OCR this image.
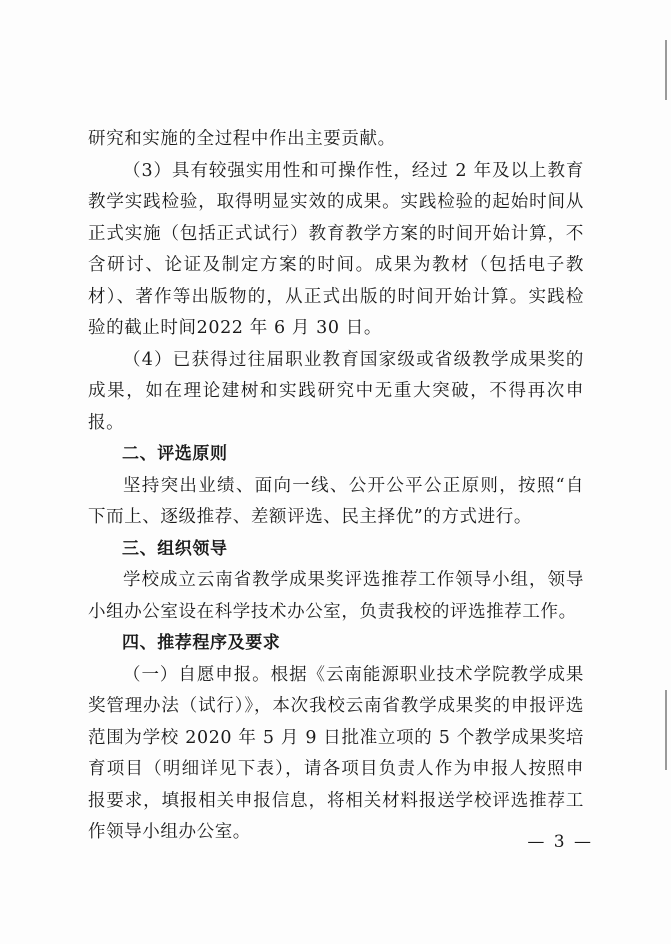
研究和实施的全过程中作出主要贡献。

（3）具有较强实用性和可操作性，经过 2 年及以上教育教学实践检验，取得明显实效的成果。实践检验的起始时间从正式实施（包括正式试行）教育教学方案的时间开始计算，不含研讨、论证及制定方案的时间。成果为教材（包括电子教材）、著作等出版物的，从正式出版的时间开始计算。实践检验的截止时间2022 年 6 月 30 日。

（4）已获得过往届职业教育国家级或省级教学成果奖的成果，如在理论建树和实践研究中无重大突破，不得再次申报。

二、评选原则

坚持突出业绩、面向一线、公开公平公正原则，按照“自下而上、逐级推荐、差额评选、民主择优”的方式进行。

三、组织领导

学校成立云南省教学成果奖评选推荐工作领导小组，领导小组办公室设在科学技术办公室，负责我校的评选推荐工作。

四、推荐程序及要求

（一）自愿申报。根据《云南能源职业技术学院教学成果奖管理办法（试行）》，本次我校云南省教学成果奖的申报评选范围为学校 2020 年 5 月 9 日批准立项的 5 个教学成果奖培育项目（明细详见下表），请各项目负责人作为申报人按照申报要求，填报相关申报信息，将相关材料报送学校评选推荐工作领导小组办公室。	— 3 —
